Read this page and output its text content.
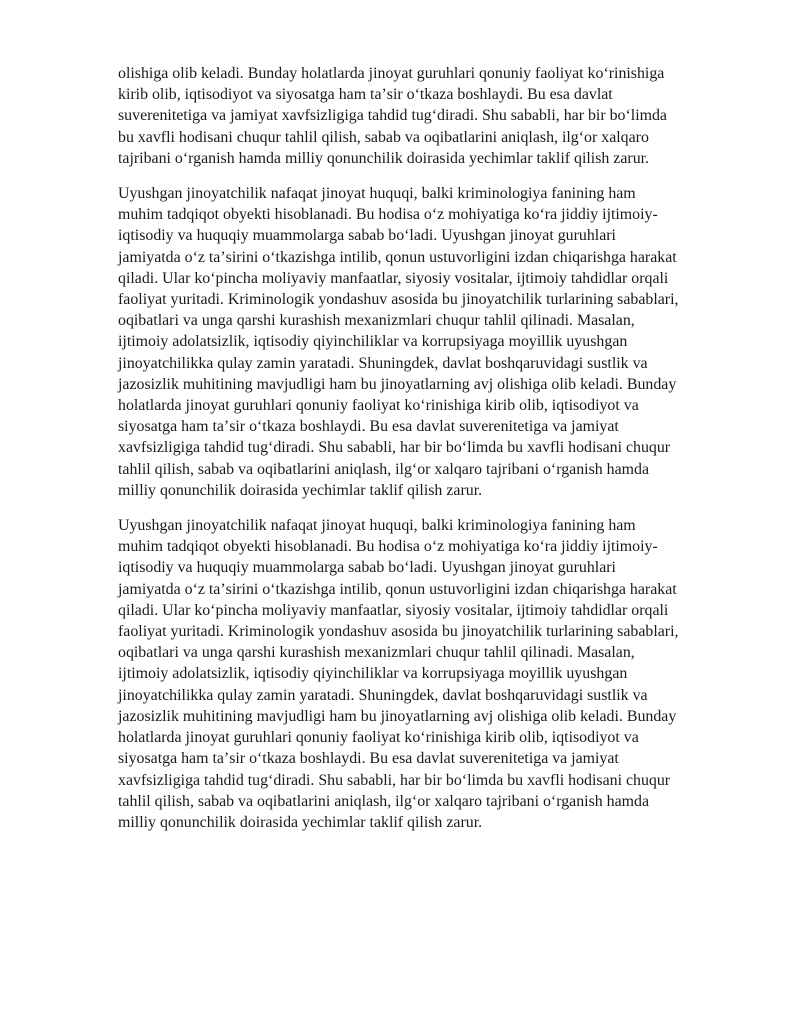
olishiga olib keladi. Bunday holatlarda jinoyat guruhlari qonuniy faoliyat koʻrinishiga kirib olib, iqtisodiyot va siyosatga ham taʼsir oʻtkaza boshlaydi. Bu esa davlat suverenitetiga va jamiyat xavfsizligiga tahdid tugʻdiradi. Shu sababli, har bir boʻlimda bu xavfli hodisani chuqur tahlil qilish, sabab va oqibatlarini aniqlash, ilgʻor xalqaro tajribani oʻrganish hamda milliy qonunchilik doirasida yechimlar taklif qilish zarur.

Uyushgan jinoyatchilik nafaqat jinoyat huquqi, balki kriminologiya fanining ham muhim tadqiqot obyekti hisoblanadi. Bu hodisa oʻz mohiyatiga koʻra jiddiy ijtimoiy-iqtisodiy va huquqiy muammolarga sabab boʻladi. Uyushgan jinoyat guruhlari jamiyatda oʻz taʼsirini oʻtkazishga intilib, qonun ustuvorligini izdan chiqarishga harakat qiladi. Ular koʻpincha moliyaviy manfaatlar, siyosiy vositalar, ijtimoiy tahdidlar orqali faoliyat yuritadi. Kriminologik yondashuv asosida bu jinoyatchilik turlarining sabablari, oqibatlari va unga qarshi kurashish mexanizmlari chuqur tahlil qilinadi. Masalan, ijtimoiy adolatsizlik, iqtisodiy qiyinchiliklar va korrupsiyaga moyillik uyushgan jinoyatchilikka qulay zamin yaratadi. Shuningdek, davlat boshqaruvidagi sustlik va jazosizlik muhitining mavjudligi ham bu jinoyatlarning avj olishiga olib keladi. Bunday holatlarda jinoyat guruhlari qonuniy faoliyat koʻrinishiga kirib olib, iqtisodiyot va siyosatga ham taʼsir oʻtkaza boshlaydi. Bu esa davlat suverenitetiga va jamiyat xavfsizligiga tahdid tugʻdiradi. Shu sababli, har bir boʻlimda bu xavfli hodisani chuqur tahlil qilish, sabab va oqibatlarini aniqlash, ilgʻor xalqaro tajribani oʻrganish hamda milliy qonunchilik doirasida yechimlar taklif qilish zarur.

Uyushgan jinoyatchilik nafaqat jinoyat huquqi, balki kriminologiya fanining ham muhim tadqiqot obyekti hisoblanadi. Bu hodisa oʻz mohiyatiga koʻra jiddiy ijtimoiy-iqtisodiy va huquqiy muammolarga sabab boʻladi. Uyushgan jinoyat guruhlari jamiyatda oʻz taʼsirini oʻtkazishga intilib, qonun ustuvorligini izdan chiqarishga harakat qiladi. Ular koʻpincha moliyaviy manfaatlar, siyosiy vositalar, ijtimoiy tahdidlar orqali faoliyat yuritadi. Kriminologik yondashuv asosida bu jinoyatchilik turlarining sabablari, oqibatlari va unga qarshi kurashish mexanizmlari chuqur tahlil qilinadi. Masalan, ijtimoiy adolatsizlik, iqtisodiy qiyinchiliklar va korrupsiyaga moyillik uyushgan jinoyatchilikka qulay zamin yaratadi. Shuningdek, davlat boshqaruvidagi sustlik va jazosizlik muhitining mavjudligi ham bu jinoyatlarning avj olishiga olib keladi. Bunday holatlarda jinoyat guruhlari qonuniy faoliyat koʻrinishiga kirib olib, iqtisodiyot va siyosatga ham taʼsir oʻtkaza boshlaydi. Bu esa davlat suverenitetiga va jamiyat xavfsizligiga tahdid tugʻdiradi. Shu sababli, har bir boʻlimda bu xavfli hodisani chuqur tahlil qilish, sabab va oqibatlarini aniqlash, ilgʻor xalqaro tajribani oʻrganish hamda milliy qonunchilik doirasida yechimlar taklif qilish zarur.
